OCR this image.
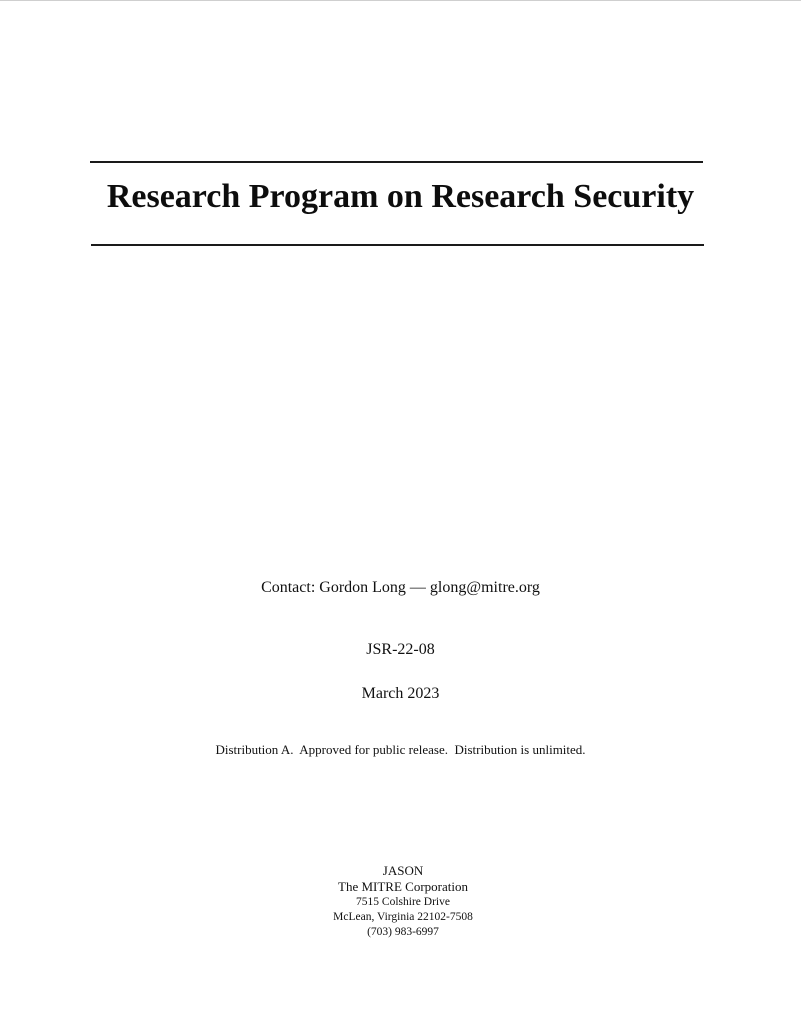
Research Program on Research Security
Contact: Gordon Long — glong@mitre.org
JSR-22-08
March 2023
Distribution A.  Approved for public release.  Distribution is unlimited.
JASON
The MITRE Corporation
7515 Colshire Drive
McLean, Virginia 22102-7508
(703) 983-6997
